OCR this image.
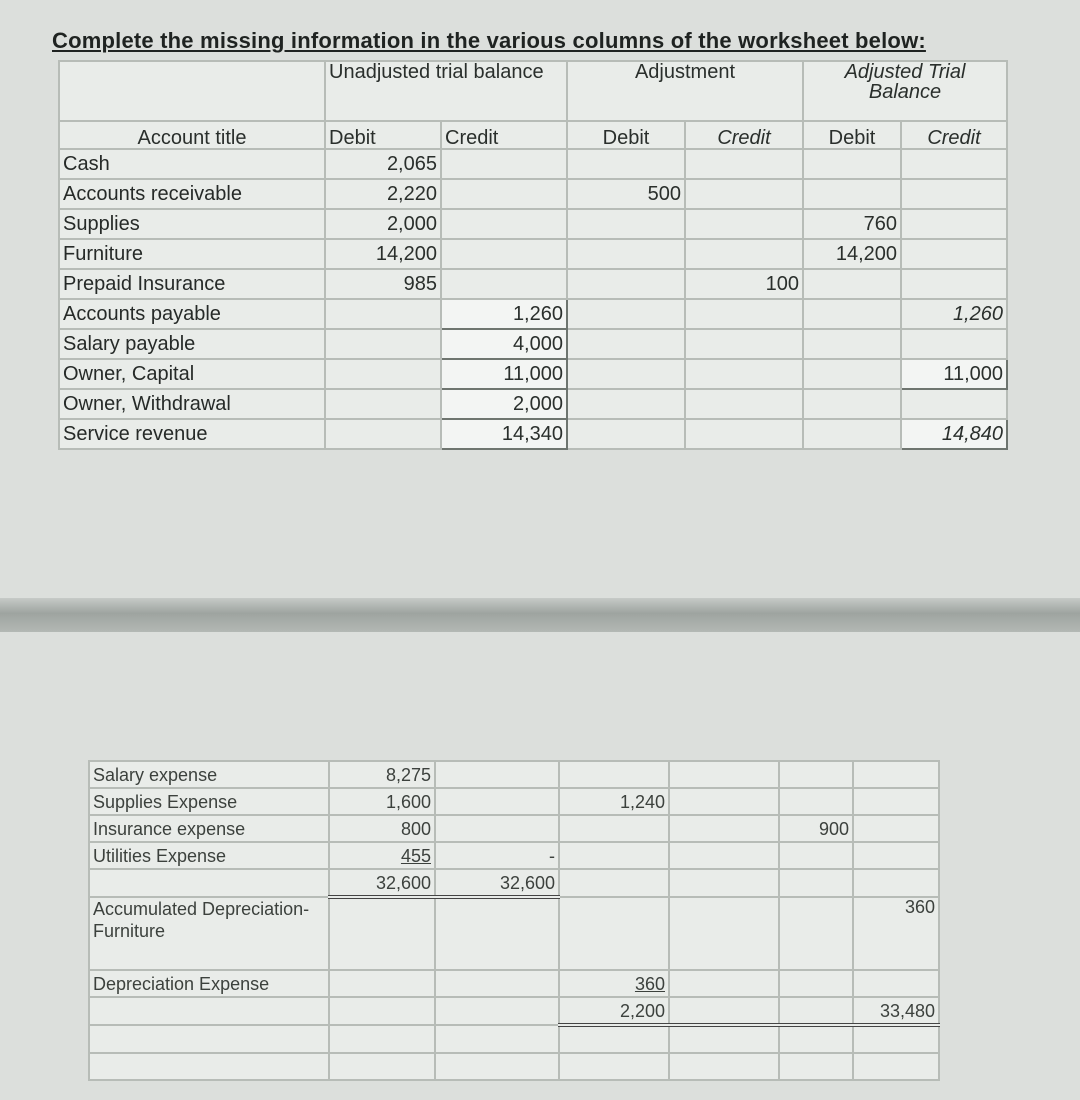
Complete the missing information in the various columns of the worksheet below:
	Unadjusted trial balance		Adjustment		Adjusted Trial Balance	
Account title	Debit	Credit	Debit	Credit	Debit	Credit
Cash	2,065					
Accounts receivable	2,220		500			
Supplies	2,000				760	
Furniture	14,200				14,200	
Prepaid Insurance	985			100		
Accounts payable		1,260				1,260
Salary payable		4,000				
Owner, Capital		11,000				11,000
Owner, Withdrawal		2,000				
Service revenue		14,340				14,840
Salary expense	8,275					
Supplies Expense	1,600		1,240			
Insurance expense	800				900	
Utilities Expense	455	-				
	32,600	32,600				
Accumulated Depreciation-Furniture						360
Depreciation Expense			360			
			2,200			33,480
